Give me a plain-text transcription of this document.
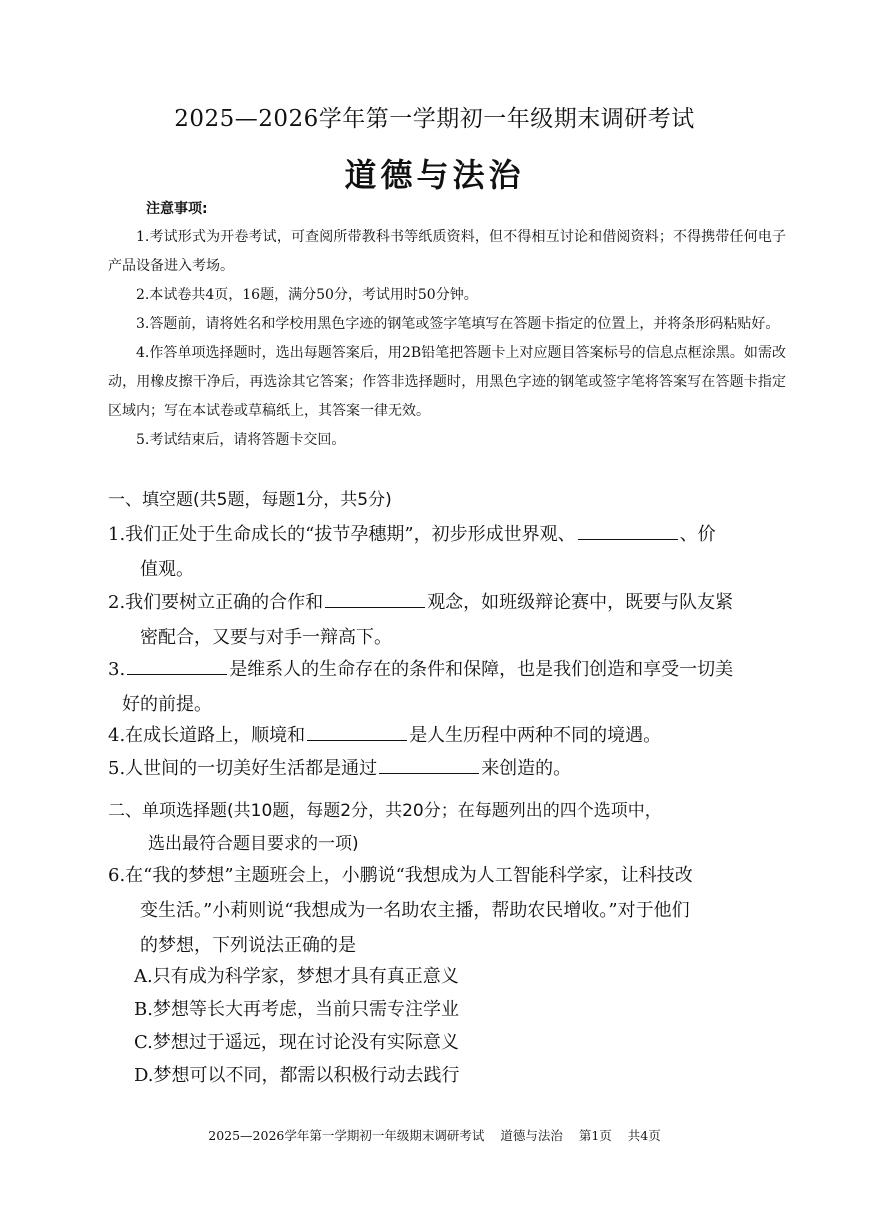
2025—2026学年第一学期初一年级期末调研考试
道德与法治
注意事项:

1.考试形式为开卷考试，可查阅所带教科书等纸质资料，但不得相互讨论和借阅资料；不得携带任何电子产品设备进入考场。

2.本试卷共4页，16题，满分50分，考试用时50分钟。

3.答题前，请将姓名和学校用黑色字迹的钢笔或签字笔填写在答题卡指定的位置上，并将条形码粘贴好。

4.作答单项选择题时，选出每题答案后，用2B铅笔把答题卡上对应题目答案标号的信息点框涂黑。如需改动，用橡皮擦干净后，再选涂其它答案；作答非选择题时，用黑色字迹的钢笔或签字笔将答案写在答题卡指定区域内；写在本试卷或草稿纸上，其答案一律无效。

5.考试结束后，请将答题卡交回。

一、填空题(共5题，每题1分，共5分)
1.我们正处于生命成长的“拔节孕穗期”，初步形成世界观、	、价
值观。
2.我们要树立正确的合作和	观念，如班级辩论赛中，既要与队友紧
密配合，又要与对手一辩高下。
3.	是维系人的生命存在的条件和保障，也是我们创造和享受一切美
好的前提。
4.在成长道路上，顺境和	是人生历程中两种不同的境遇。
5.人世间的一切美好生活都是通过	来创造的。
二、单项选择题(共10题，每题2分，共20分；在每题列出的四个选项中，
选出最符合题目要求的一项)
6.在“我的梦想”主题班会上，小鹏说“我想成为人工智能科学家，让科技改
变生活。”小莉则说“我想成为一名助农主播，帮助农民增收。”对于他们
的梦想，下列说法正确的是
A.只有成为科学家，梦想才具有真正意义
B.梦想等长大再考虑，当前只需专注学业
C.梦想过于遥远，现在讨论没有实际意义
D.梦想可以不同，都需以积极行动去践行
2025—2026学年第一学期初一年级期末调研考试 道德与法治 第1页 共4页
